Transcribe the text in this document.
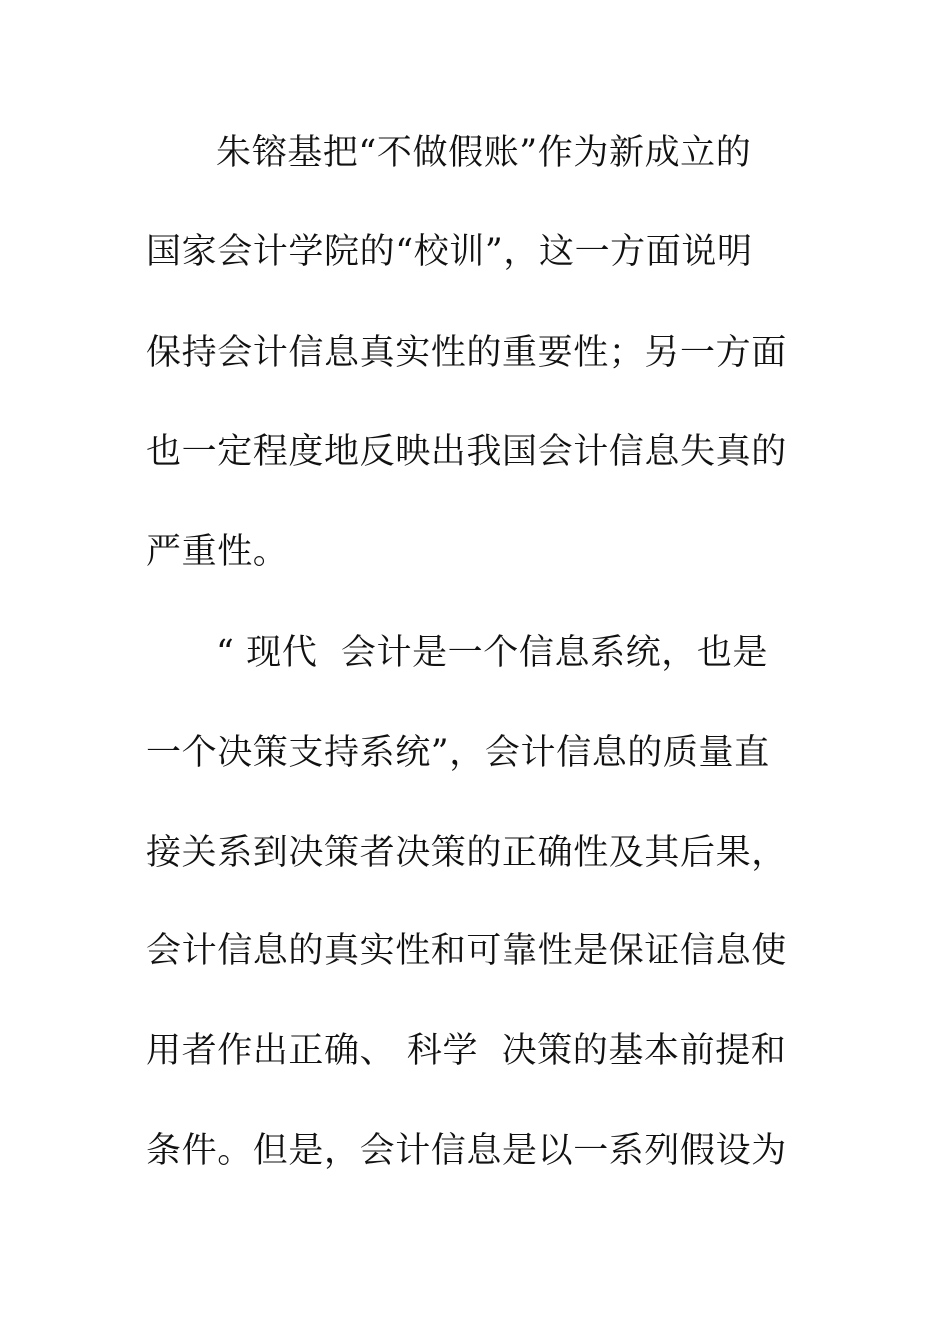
朱镕基把“不做假账”作为新成立的
国家会计学院的“校训”，这一方面说明
保持会计信息真实性的重要性；另一方面
也一定程度地反映出我国会计信息失真的
严重性。
“ 现代  会计是一个信息系统，也是
一个决策支持系统”，会计信息的质量直
接关系到决策者决策的正确性及其后果，
会计信息的真实性和可靠性是保证信息使
用者作出正确、 科学  决策的基本前提和
条件。但是，会计信息是以一系列假设为
